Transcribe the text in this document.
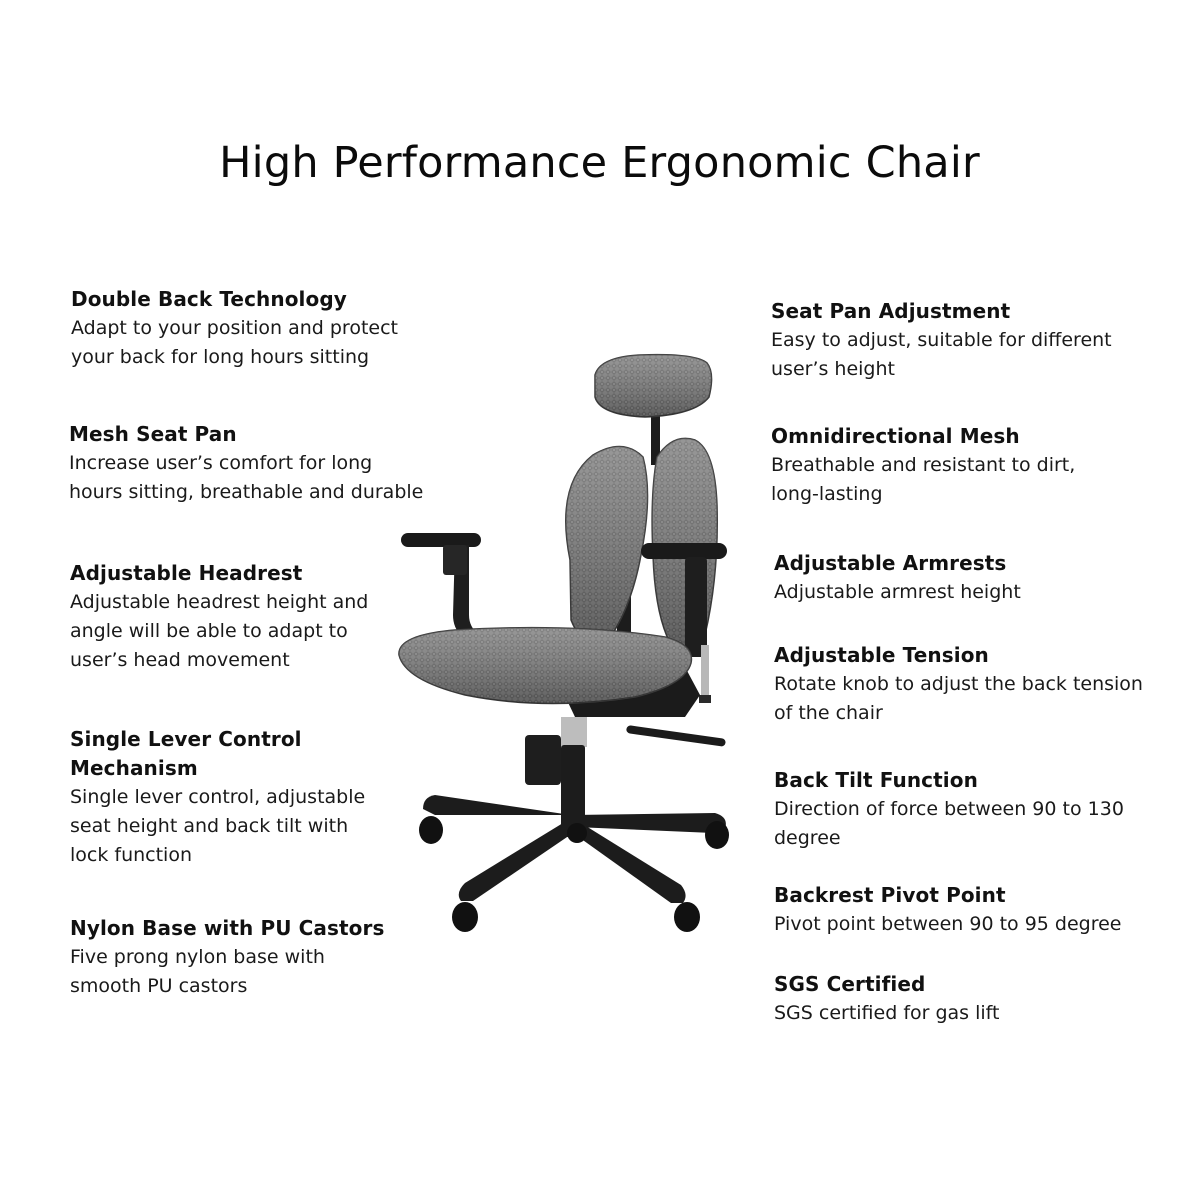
High Performance Ergonomic Chair
Double Back Technology

Adapt to your position and protect

your back for long hours sitting

Mesh Seat Pan

Increase user’s comfort for long

hours sitting, breathable and durable

Adjustable Headrest

Adjustable headrest height and

angle will be able to adapt to

user’s head movement

Single Lever Control
Mechanism

Single lever control, adjustable

seat height and back tilt with

lock function

Nylon Base with PU Castors

Five prong nylon base with

smooth PU castors

Seat Pan Adjustment

Easy to adjust, suitable for different

user’s height

Omnidirectional Mesh

Breathable and resistant to dirt,

long-lasting

Adjustable Armrests

Adjustable armrest height

Adjustable Tension

Rotate knob to adjust the back tension

of the chair

Back Tilt Function

Direction of force between 90 to 130

degree

Backrest Pivot Point

Pivot point between 90 to 95 degree

SGS Certified

SGS certified for gas lift
